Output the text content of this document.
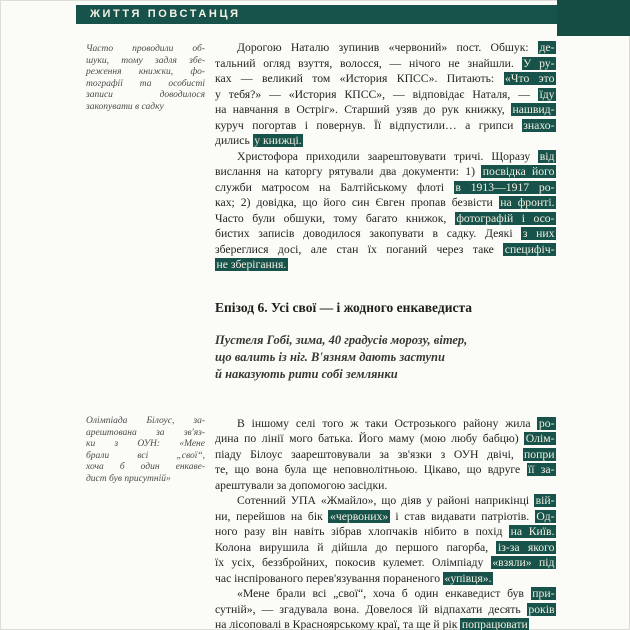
ЖИТТЯ ПОВСТАНЦЯ
Часто проводили об-
шуки, тому задля збе-
реження книжки, фо-
тографії та особисті
записи доводилося
закопувати в садку
Олімпіада Білоус, за-
арештована за зв'яз-
ки з ОУН: «Мене
брали всі „свої“,
хоча б один енкаве-
дист був присутній»

Дорогою Наталю зупинив «червоний» пост. Обшук: де-
тальний огляд взуття, волосся, — нічого не знайшли. У ру-
ках — великий том «История КПСС». Питають: «Что это
у тебя?» — «История КПСС», — відповідає Наталя, — їду
на навчання в Остріг». Старший узяв до рук книжку, нашвид-
куруч погортав і повернув. Її відпустили… а грипси знахо-
дились у книжці.

Христофора приходили заарештовувати тричі. Щоразу від
вислання на каторгу рятували два документи: 1) посвідка його
служби матросом на Балтійському флоті в 1913—1917 ро-
ках; 2) довідка, що його син Євген пропав безвісти на фронті.
Часто були обшуки, тому багато книжок, фотографій і осо-
бистих записів доводилося закопувати в садку. Деякі з них
збереглися досі, але стан їх поганий через таке специфіч-
не зберігання.

Епізод 6. Усі свої — і жодного енкаведиста
Пустеля Гобі, зима, 40 градусів морозу, вітер,
що валить із ніг. В'язням дають заступи
й наказують рити собі землянки

В іншому селі того ж таки Острозького району жила ро-
дина по лінії мого батька. Його маму (мою любу бабцю) Олім-
піаду Білоус заарештовували за зв'язки з ОУН двічі, попри
те, що вона була ще неповнолітньою. Цікаво, що вдруге її за-
арештували за допомогою засідки.

Сотенний УПА «Жмайло», що діяв у районі наприкінці вій-
ни, перейшов на бік «червоних» і став видавати патріотів. Од-
ного разу він навіть зібрав хлопчаків нібито в похід на Київ.
Колона вирушила й дійшла до першого пагорба, із-за якого
їх усіх, беззбройних, покосив кулемет. Олімпіаду «взяли» під
час інспірованого перев'язування пораненого «упівця».

«Мене брали всі „свої“, хоча б один енкаведист був при-
сутній», — згадувала вона. Довелося їй відпахати десять років
на лісоповалі в Красноярському краї, та ще й рік попрацювати
